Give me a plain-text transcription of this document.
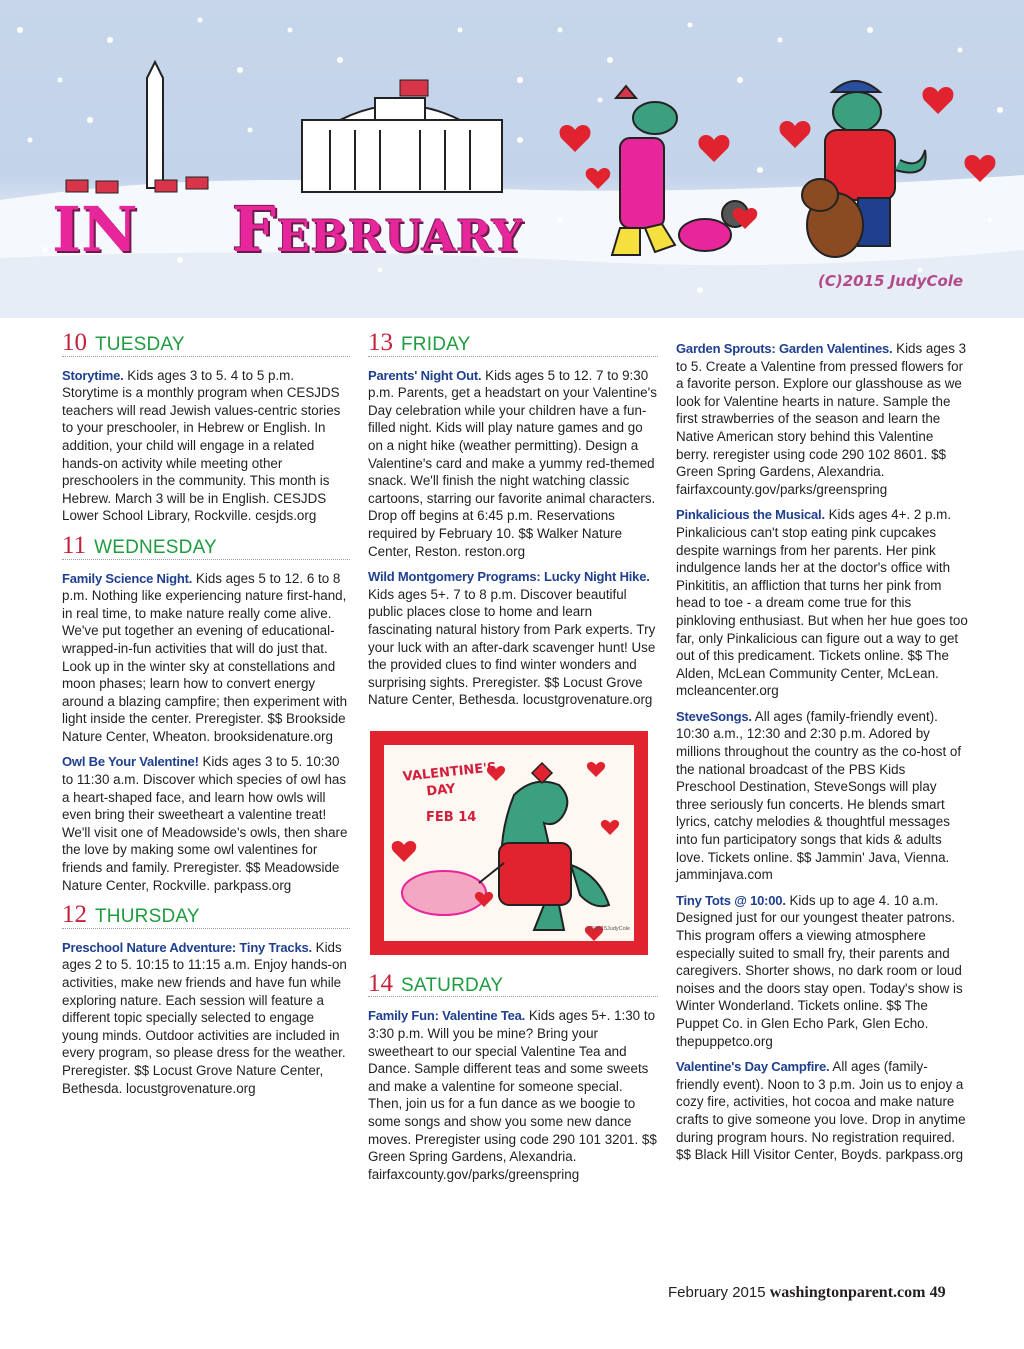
IN February
(C)2015 JudyCole
10 TUESDAY

Storytime. Kids ages 3 to 5. 4 to 5 p.m. Storytime is a monthly program when CESJDS teachers will read Jewish values-centric stories to your preschooler, in Hebrew or English. In addition, your child will engage in a related hands-on activity while meeting other preschoolers in the community. This month is Hebrew. March 3 will be in English. CESJDS Lower School Library, Rockville. cesjds.org

11 WEDNESDAY

Family Science Night. Kids ages 5 to 12. 6 to 8 p.m. Nothing like experiencing nature first-hand, in real time, to make nature really come alive. We've put together an evening of educational-wrapped-in-fun activities that will do just that. Look up in the winter sky at constellations and moon phases; learn how to convert energy around a blazing campfire; then experiment with light inside the center. Preregister. $$ Brookside Nature Center, Wheaton. brooksidenature.org

Owl Be Your Valentine! Kids ages 3 to 5. 10:30 to 11:30 a.m. Discover which species of owl has a heart-shaped face, and learn how owls will even bring their sweetheart a valentine treat! We'll visit one of Meadowside's owls, then share the love by making some owl valentines for friends and family. Preregister. $$ Meadowside Nature Center, Rockville. parkpass.org

12 THURSDAY

Preschool Nature Adventure: Tiny Tracks. Kids ages 2 to 5. 10:15 to 11:15 a.m. Enjoy hands-on activities, make new friends and have fun while exploring nature. Each session will feature a different topic specially selected to engage young minds. Outdoor activities are included in every program, so please dress for the weather. Preregister. $$ Locust Grove Nature Center, Bethesda. locustgrovenature.org

13 FRIDAY

Parents' Night Out. Kids ages 5 to 12. 7 to 9:30 p.m. Parents, get a headstart on your Valentine's Day celebration while your children have a fun-filled night. Kids will play nature games and go on a night hike (weather permitting). Design a Valentine's card and make a yummy red-themed snack. We'll finish the night watching classic cartoons, starring our favorite animal characters. Drop off begins at 6:45 p.m. Reservations required by February 10. $$ Walker Nature Center, Reston. reston.org

Wild Montgomery Programs: Lucky Night Hike. Kids ages 5+. 7 to 8 p.m. Discover beautiful public places close to home and learn fascinating natural history from Park experts. Try your luck with an after-dark scavenger hunt! Use the provided clues to find winter wonders and surprising sights. Preregister. $$ Locust Grove Nature Center, Bethesda. locustgrovenature.org

VALENTINE'S
DAY
FEB 14
(C)2015JudyCole
14 SATURDAY

Family Fun: Valentine Tea. Kids ages 5+. 1:30 to 3:30 p.m. Will you be mine? Bring your sweetheart to our special Valentine Tea and Dance. Sample different teas and some sweets and make a valentine for someone special. Then, join us for a fun dance as we boogie to some songs and show you some new dance moves. Preregister using code 290 101 3201. $$ Green Spring Gardens, Alexandria. fairfaxcounty.gov/parks/greenspring

Garden Sprouts: Garden Valentines. Kids ages 3 to 5. Create a Valentine from pressed flowers for a favorite person. Explore our glasshouse as we look for Valentine hearts in nature. Sample the first strawberries of the season and learn the Native American story behind this Valentine berry. reregister using code 290 102 8601. $$ Green Spring Gardens, Alexandria. fairfaxcounty.gov/parks/greenspring

Pinkalicious the Musical. Kids ages 4+. 2 p.m. Pinkalicious can't stop eating pink cupcakes despite warnings from her parents. Her pink indulgence lands her at the doctor's office with Pinkititis, an affliction that turns her pink from head to toe - a dream come true for this pinkloving enthusiast. But when her hue goes too far, only Pinkalicious can figure out a way to get out of this predicament. Tickets online. $$ The Alden, McLean Community Center, McLean. mcleancenter.org

SteveSongs. All ages (family-friendly event). 10:30 a.m., 12:30 and 2:30 p.m. Adored by millions throughout the country as the co-host of the national broadcast of the PBS Kids Preschool Destination, SteveSongs will play three seriously fun concerts. He blends smart lyrics, catchy melodies & thoughtful messages into fun participatory songs that kids & adults love. Tickets online. $$ Jammin' Java, Vienna. jamminjava.com

Tiny Tots @ 10:00. Kids up to age 4. 10 a.m. Designed just for our youngest theater patrons. This program offers a viewing atmosphere especially suited to small fry, their parents and caregivers. Shorter shows, no dark room or loud noises and the doors stay open. Today's show is Winter Wonderland. Tickets online. $$ The Puppet Co. in Glen Echo Park, Glen Echo. thepuppetco.org

Valentine's Day Campfire. All ages (family-friendly event). Noon to 3 p.m. Join us to enjoy a cozy fire, activities, hot cocoa and make nature crafts to give someone you love. Drop in anytime during program hours. No registration required. $$ Black Hill Visitor Center, Boyds. parkpass.org

February 2015 washingtonparent.com 49
